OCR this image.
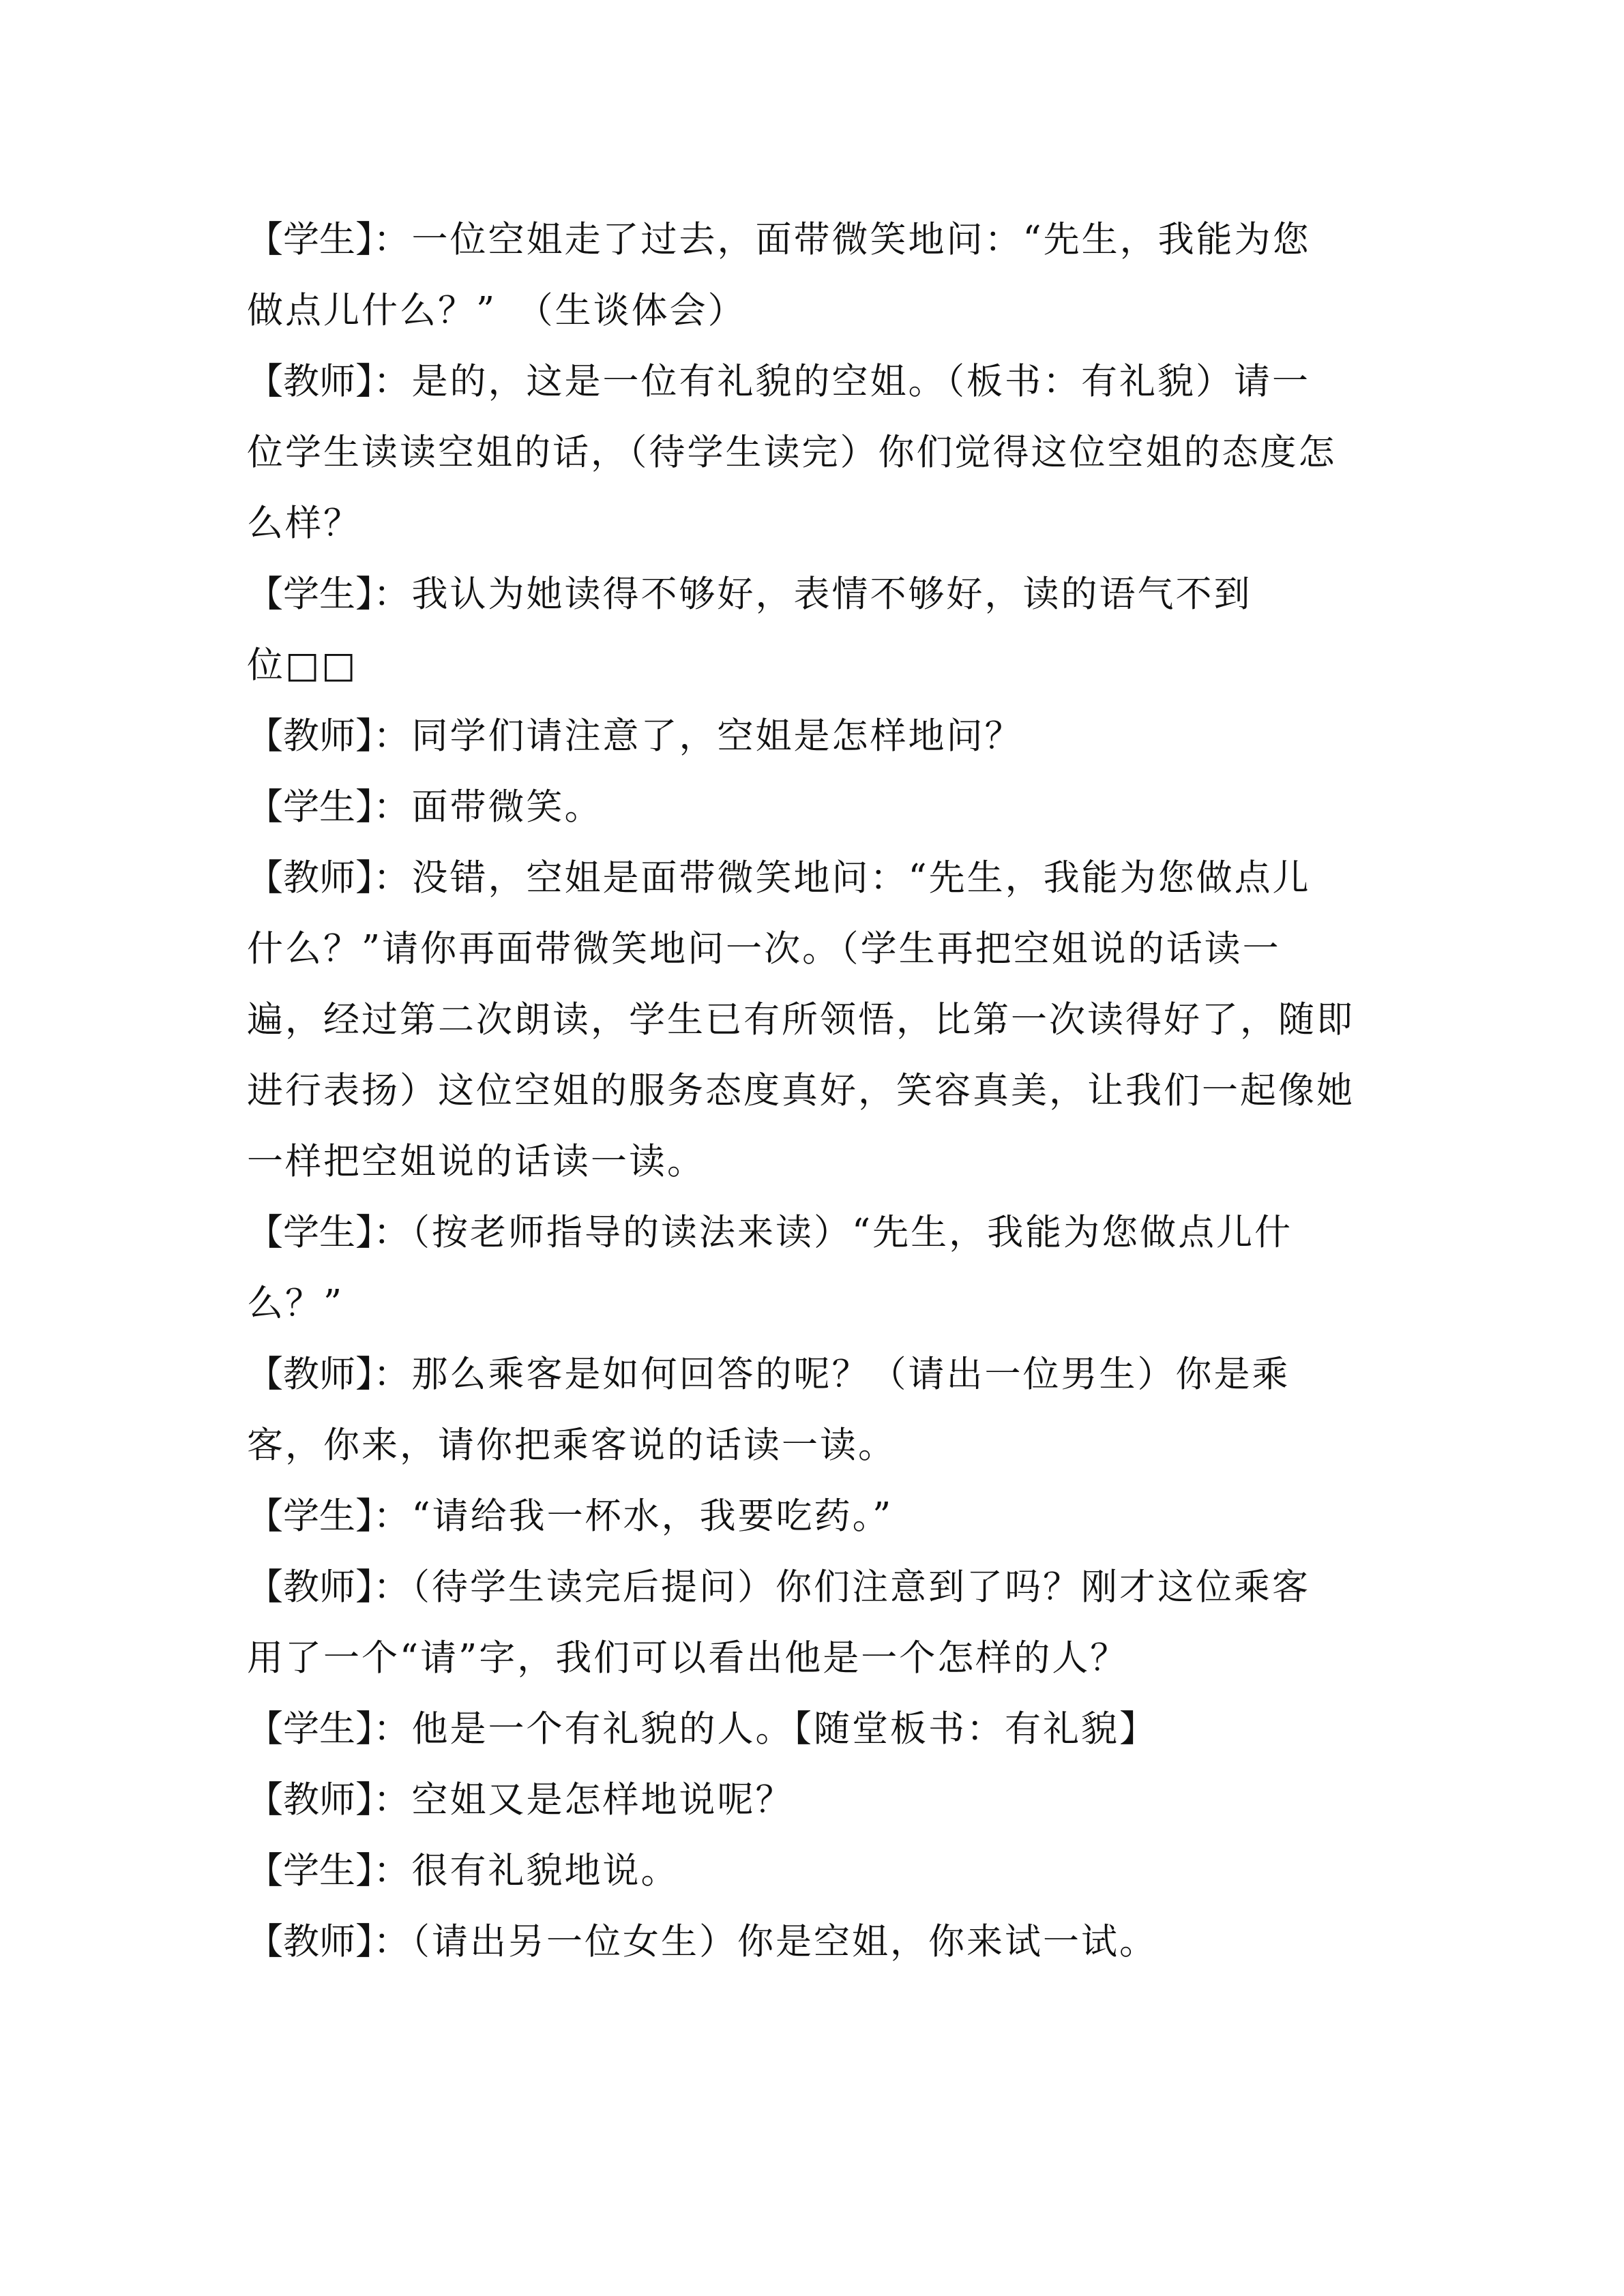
【学生】：一位空姐走了过去，面带微笑地问：“先生，我能为您
做点儿什么？”　（生谈体会）
【教师】：是的，这是一位有礼貌的空姐。（板书：有礼貌）请一
位学生读读空姐的话，（待学生读完）你们觉得这位空姐的态度怎
么样？
【学生】：我认为她读得不够好，表情不够好，读的语气不到
位□□
【教师】：同学们请注意了，空姐是怎样地问？
【学生】：面带微笑。
【教师】：没错，空姐是面带微笑地问：“先生，我能为您做点儿
什么？”请你再面带微笑地问一次。（学生再把空姐说的话读一
遍，经过第二次朗读，学生已有所领悟，比第一次读得好了，随即
进行表扬）这位空姐的服务态度真好，笑容真美，让我们一起像她
一样把空姐说的话读一读。
【学生】：（按老师指导的读法来读）“先生，我能为您做点儿什
么？”
【教师】：那么乘客是如何回答的呢？（请出一位男生）你是乘
客，你来，请你把乘客说的话读一读。
【学生】：“请给我一杯水，我要吃药。”
【教师】：（待学生读完后提问）你们注意到了吗？刚才这位乘客
用了一个“请”字，我们可以看出他是一个怎样的人？
【学生】：他是一个有礼貌的人。【随堂板书：有礼貌】
【教师】：空姐又是怎样地说呢？
【学生】：很有礼貌地说。
【教师】：（请出另一位女生）你是空姐，你来试一试。
